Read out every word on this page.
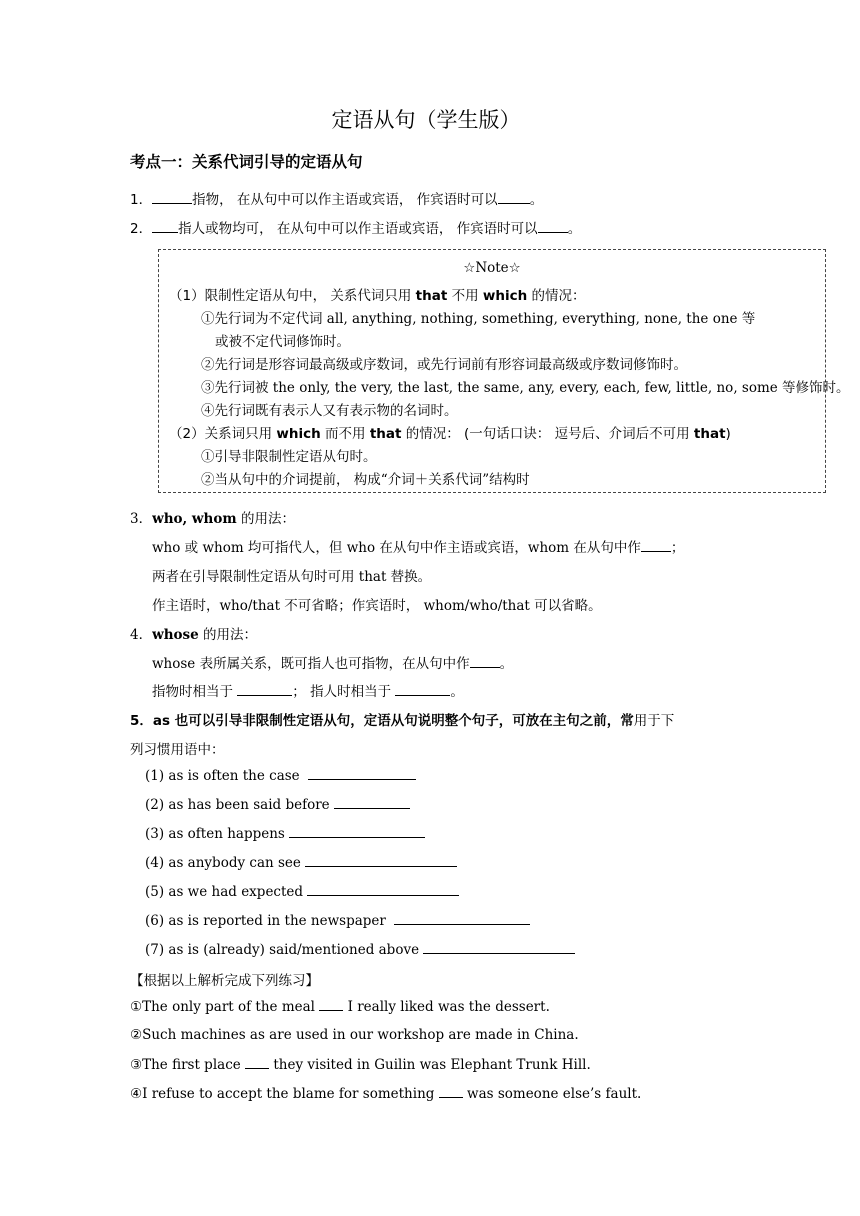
定语从句（学生版）
考点一：关系代词引导的定语从句
1．	指物， 在从句中可以作主语或宾语， 作宾语时可以 。
2． 指人或物均可， 在从句中可以作主语或宾语， 作宾语时可以 。
☆Note☆
（1）限制性定语从句中， 关系代词只用 that 不用 which 的情况：
①先行词为不定代词 all, anything, nothing, something, everything, none, the one 等
或被不定代词修饰时。
②先行词是形容词最高级或序数词，或先行词前有形容词最高级或序数词修饰时。
③先行词被 the only, the very, the last, the same, any, every, each, few, little, no, some 等修饰时。
④先行词既有表示人又有表示物的名词时。
（2）关系词只用 which 而不用 that 的情况： (一句话口诀： 逗号后、介词后不可用 that)
①引导非限制性定语从句时。
②当从句中的介词提前， 构成“介词＋关系代词”结构时
3．who, whom 的用法：
who 或 whom 均可指代人，但 who 在从句中作主语或宾语，whom 在从句中作 ；
两者在引导限制性定语从句时可用 that 替换。
作主语时，who/that 不可省略；作宾语时， whom/who/that 可以省略。
4．whose 的用法：
whose 表所属关系，既可指人也可指物，在从句中作 。
指物时相当于	； 指人时相当于	。
5．as 也可以引导非限制性定语从句，定语从句说明整个句子，可放在主句之前，常用于下
列习惯用语中：
(1) as is often the case
(2) as has been said before
(3) as often happens
(4) as anybody can see
(5) as we had expected
(6) as is reported in the newspaper
(7) as is (already) said/mentioned above
【根据以上解析完成下列练习】
①The only part of the meal I really liked was the dessert.
②Such machines as are used in our workshop are made in China.
③The first place they visited in Guilin was Elephant Trunk Hill.
④I refuse to accept the blame for something was someone else’s fault.
